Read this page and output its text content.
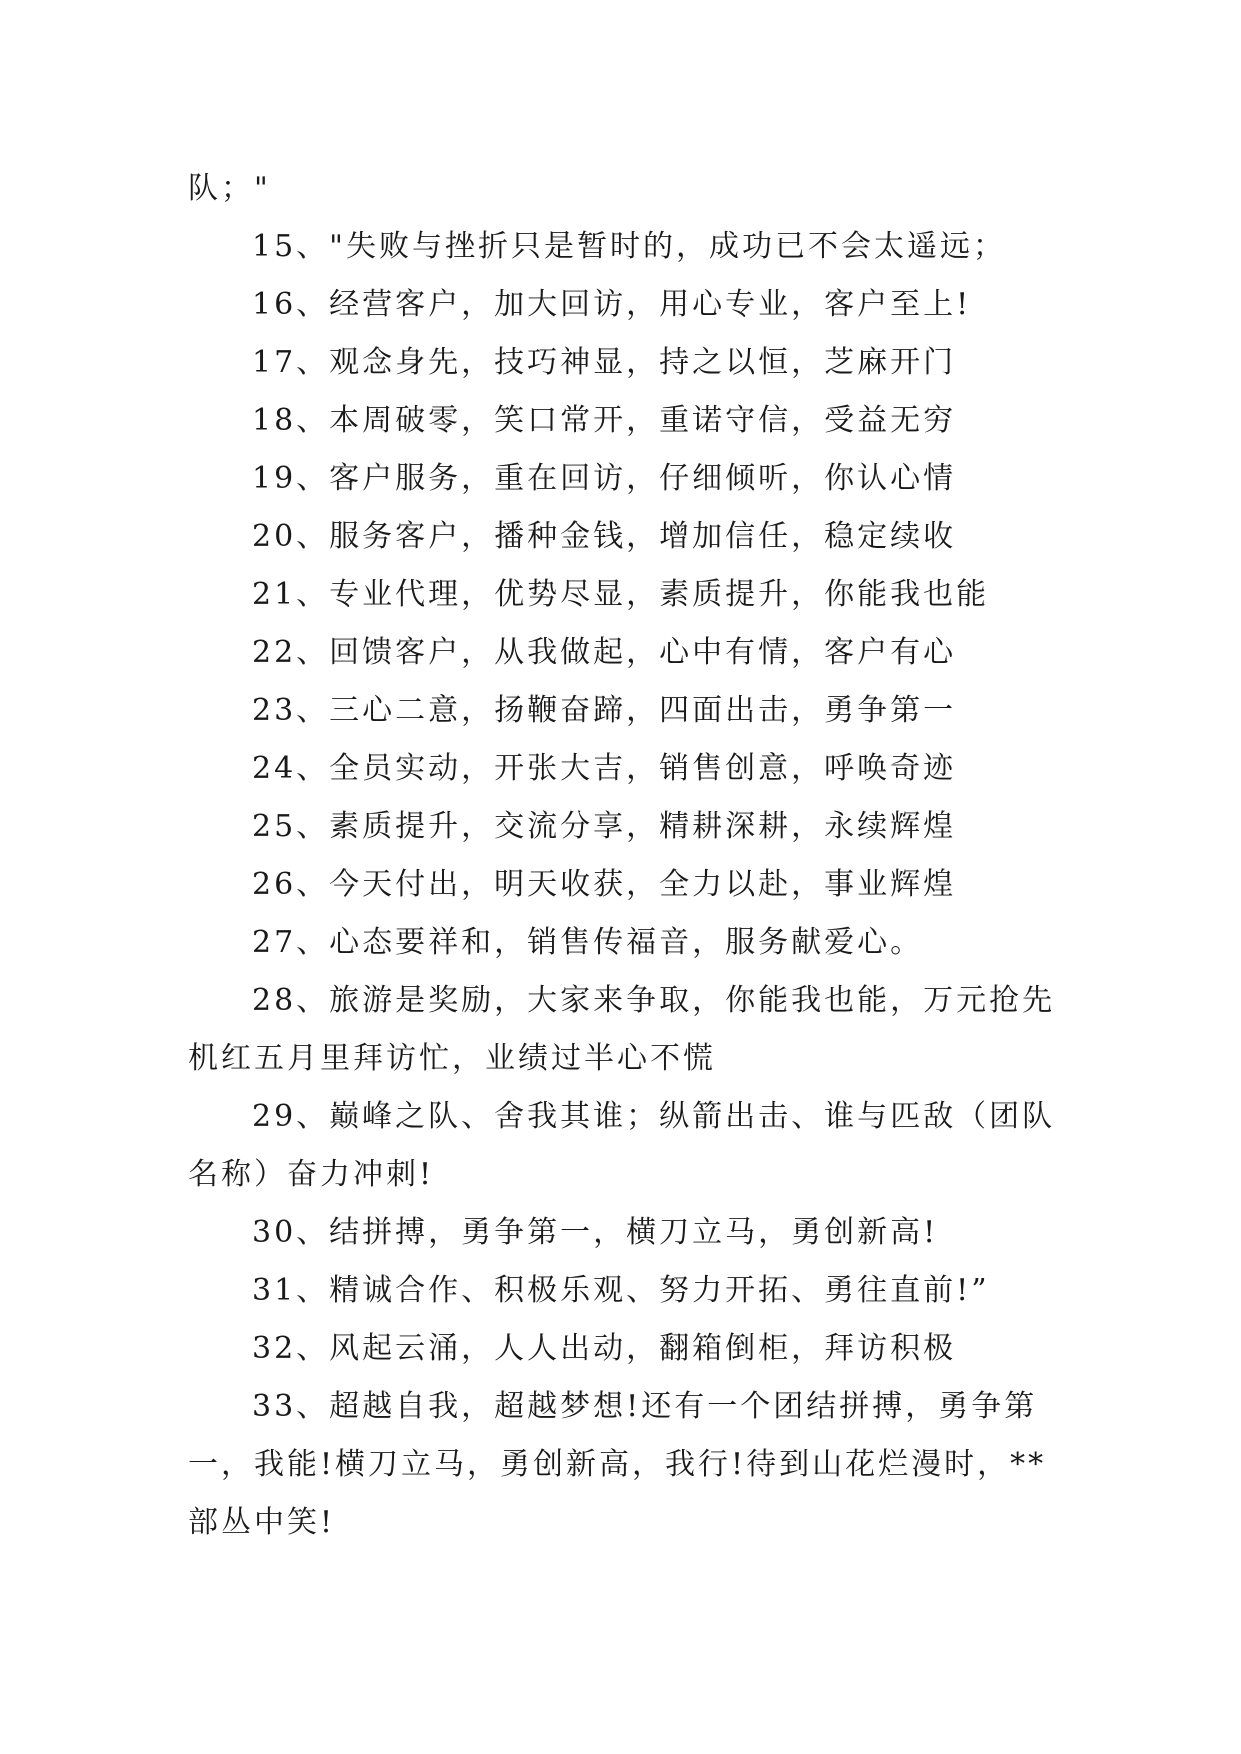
队；"

15、"失败与挫折只是暂时的，成功已不会太遥远；

16、经营客户，加大回访，用心专业，客户至上!

17、观念身先，技巧神显，持之以恒，芝麻开门

18、本周破零，笑口常开，重诺守信，受益无穷

19、客户服务，重在回访，仔细倾听，你认心情

20、服务客户，播种金钱，增加信任，稳定续收

21、专业代理，优势尽显，素质提升，你能我也能

22、回馈客户，从我做起，心中有情，客户有心

23、三心二意，扬鞭奋蹄，四面出击，勇争第一

24、全员实动，开张大吉，销售创意，呼唤奇迹

25、素质提升，交流分享，精耕深耕，永续辉煌

26、今天付出，明天收获，全力以赴，事业辉煌

27、心态要祥和，销售传福音，服务献爱心。

28、旅游是奖励，大家来争取，你能我也能，万元抢先机红五月里拜访忙，业绩过半心不慌

29、巅峰之队、舍我其谁；纵箭出击、谁与匹敌（团队名称）奋力冲刺!

30、结拼搏，勇争第一，横刀立马，勇创新高!

31、精诚合作、积极乐观、努力开拓、勇往直前!”

32、风起云涌，人人出动，翻箱倒柜，拜访积极

33、超越自我，超越梦想!还有一个团结拼搏，勇争第一，我能!横刀立马，勇创新高，我行!待到山花烂漫时，**部丛中笑!
